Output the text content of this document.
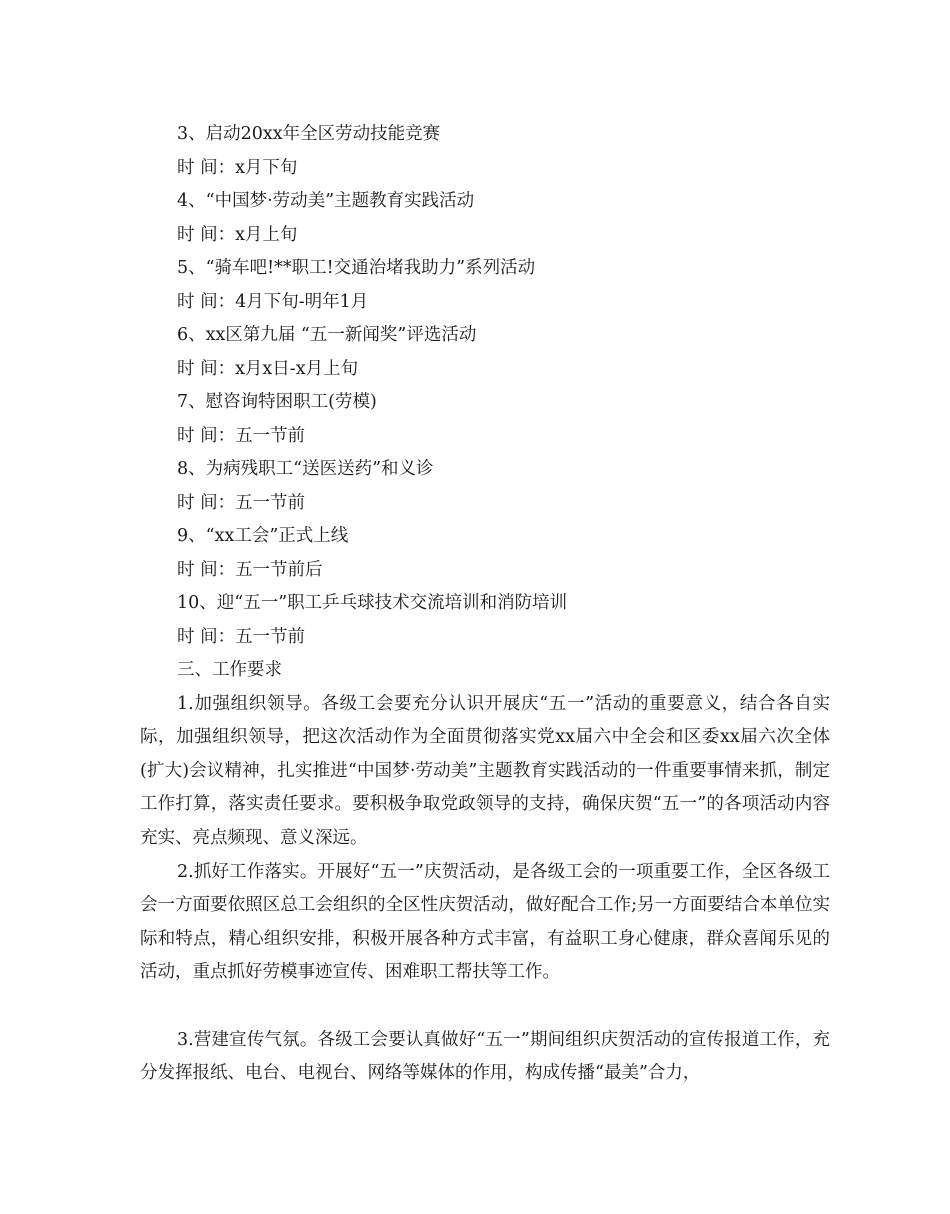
3、启动20xx年全区劳动技能竞赛
时 间：x月下旬
4、“中国梦·劳动美”主题教育实践活动
时 间：x月上旬
5、“骑车吧!**职工!交通治堵我助力”系列活动
时 间：4月下旬-明年1月
6、xx区第九届 “五一新闻奖”评选活动
时 间：x月x日-x月上旬
7、慰咨询特困职工(劳模)
时 间：五一节前
8、为病残职工“送医送药”和义诊
时 间：五一节前
9、“xx工会”正式上线
时 间：五一节前后
10、迎“五一”职工乒乓球技术交流培训和消防培训
时 间：五一节前
三、工作要求
1.加强组织领导。各级工会要充分认识开展庆“五一”活动的重要意义，结合各自实际，加强组织领导，把这次活动作为全面贯彻落实党xx届六中全会和区委xx届六次全体(扩大)会议精神，扎实推进“中国梦·劳动美”主题教育实践活动的一件重要事情来抓，制定工作打算，落实责任要求。要积极争取党政领导的支持，确保庆贺“五一”的各项活动内容充实、亮点频现、意义深远。
2.抓好工作落实。开展好“五一”庆贺活动，是各级工会的一项重要工作，全区各级工会一方面要依照区总工会组织的全区性庆贺活动，做好配合工作;另一方面要结合本单位实际和特点，精心组织安排，积极开展各种方式丰富，有益职工身心健康，群众喜闻乐见的活动，重点抓好劳模事迹宣传、困难职工帮扶等工作。
3.营建宣传气氛。各级工会要认真做好“五一”期间组织庆贺活动的宣传报道工作，充分发挥报纸、电台、电视台、网络等媒体的作用，构成传播“最美”合力，
